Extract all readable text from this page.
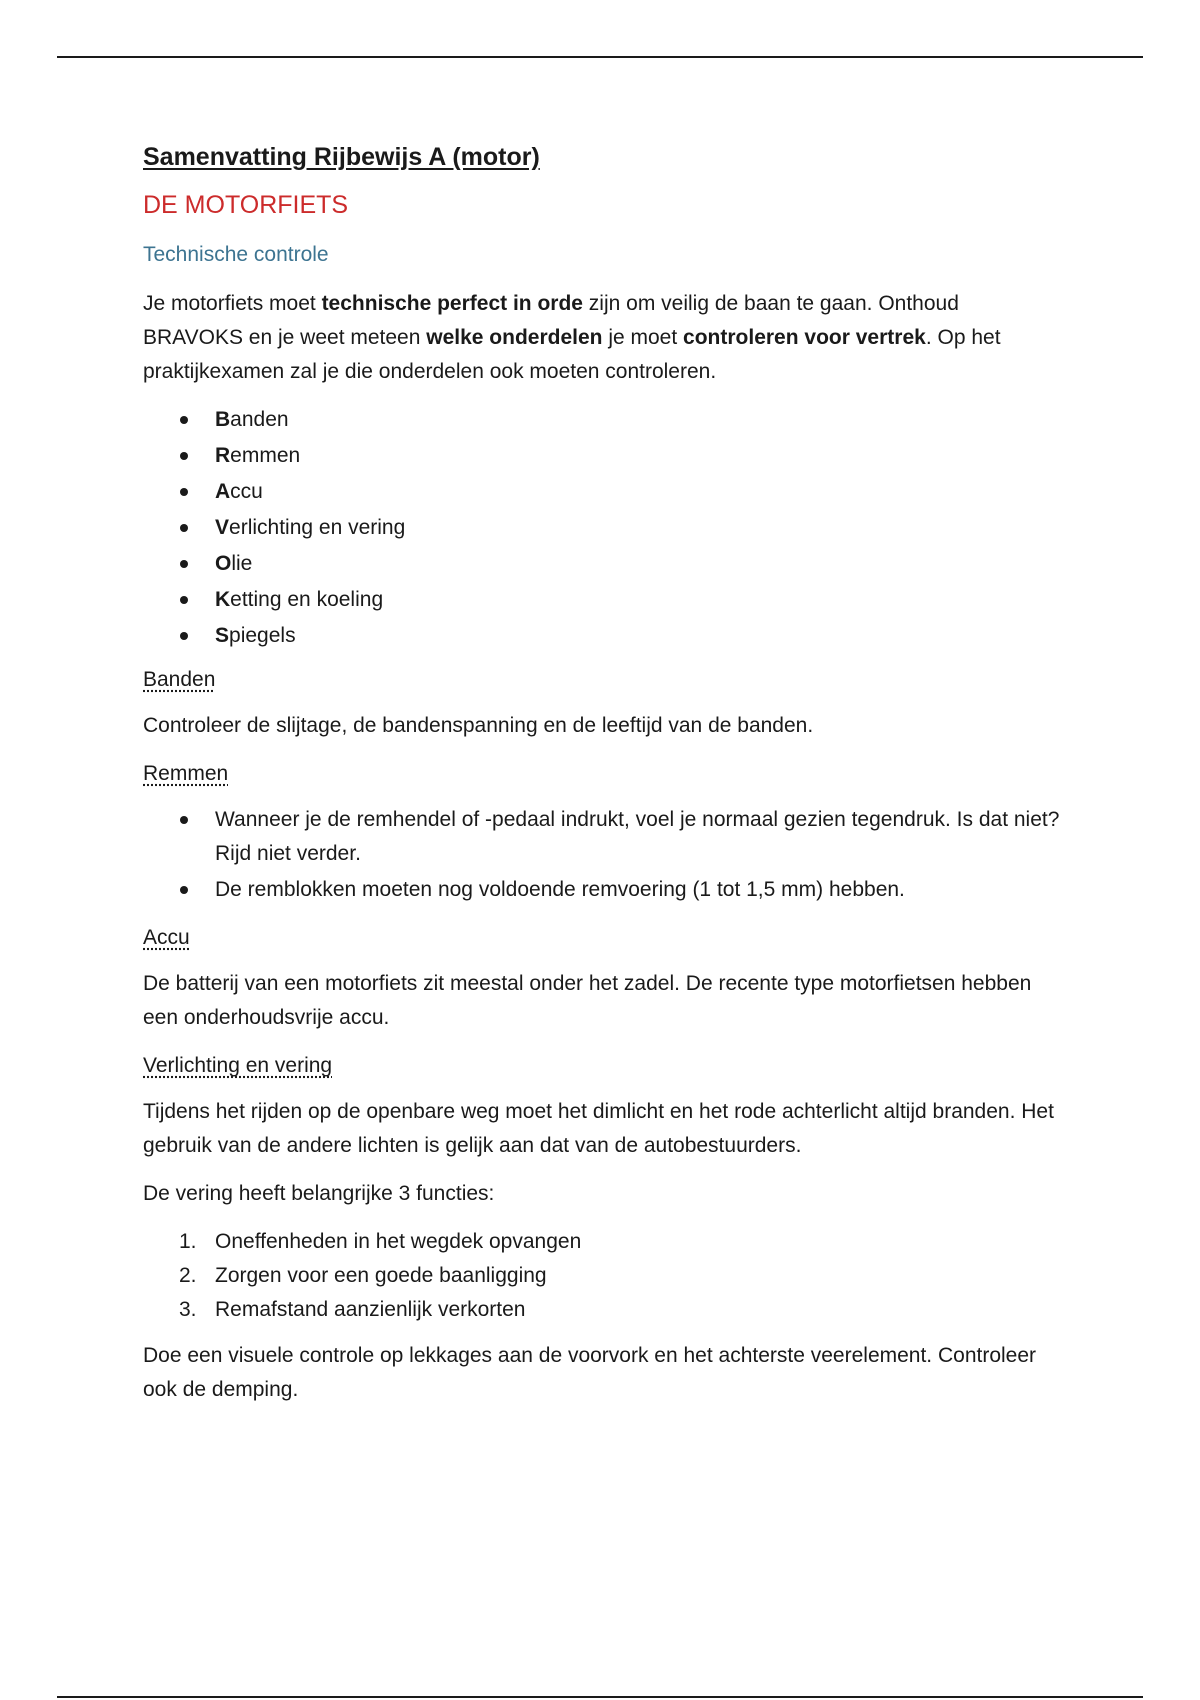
Samenvatting Rijbewijs A (motor)
DE MOTORFIETS
Technische controle

Je motorfiets moet technische perfect in orde zijn om veilig de baan te gaan. Onthoud BRAVOKS en je weet meteen welke onderdelen je moet controleren voor vertrek. Op het praktijkexamen zal je die onderdelen ook moeten controleren.

Banden
Remmen
Accu
Verlichting en vering
Olie
Ketting en koeling
Spiegels
Banden

Controleer de slijtage, de bandenspanning en de leeftijd van de banden.

Remmen
Wanneer je de remhendel of -pedaal indrukt, voel je normaal gezien tegendruk. Is dat niet? Rijd niet verder.
De remblokken moeten nog voldoende remvoering (1 tot 1,5 mm) hebben.
Accu

De batterij van een motorfiets zit meestal onder het zadel. De recente type motorfietsen hebben een onderhoudsvrije accu.

Verlichting en vering

Tijdens het rijden op de openbare weg moet het dimlicht en het rode achterlicht altijd branden. Het gebruik van de andere lichten is gelijk aan dat van de autobestuurders.

De vering heeft belangrijke 3 functies:

1. Oneffenheden in het wegdek opvangen
2. Zorgen voor een goede baanligging
3. Remafstand aanzienlijk verkorten

Doe een visuele controle op lekkages aan de voorvork en het achterste veerelement. Controleer ook de demping.
